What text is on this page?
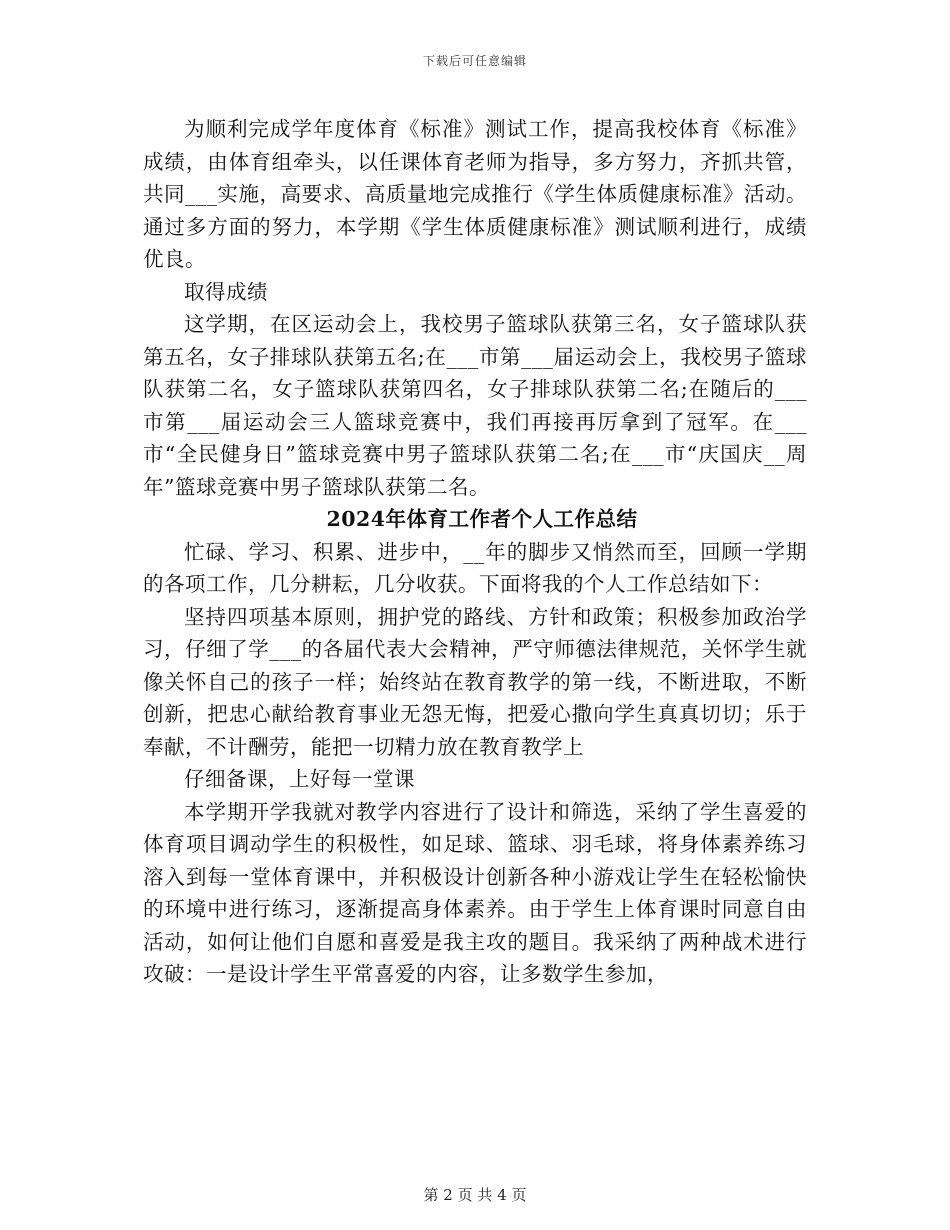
下载后可任意编辑

为顺利完成学年度体育《标准》测试工作，提高我校体育《标准》成绩，由体育组牵头，以任课体育老师为指导，多方努力，齐抓共管，共同___实施，高要求、高质量地完成推行《学生体质健康标准》活动。通过多方面的努力，本学期《学生体质健康标准》测试顺利进行，成绩优良。

取得成绩

这学期，在区运动会上，我校男子篮球队获第三名，女子篮球队获第五名，女子排球队获第五名;在___市第___届运动会上，我校男子篮球队获第二名，女子篮球队获第四名，女子排球队获第二名;在随后的___市第___届运动会三人篮球竞赛中，我们再接再厉拿到了冠军。在___市“全民健身日”篮球竞赛中男子篮球队获第二名;在___市“庆国庆__周年”篮球竞赛中男子篮球队获第二名。

2024年体育工作者个人工作总结

忙碌、学习、积累、进步中，__年的脚步又悄然而至，回顾一学期的各项工作，几分耕耘，几分收获。下面将我的个人工作总结如下：

坚持四项基本原则，拥护党的路线、方针和政策；积极参加政治学习，仔细了学___的各届代表大会精神，严守师德法律规范，关怀学生就像关怀自己的孩子一样；始终站在教育教学的第一线，不断进取，不断创新，把忠心献给教育事业无怨无悔，把爱心撒向学生真真切切；乐于奉献，不计酬劳，能把一切精力放在教育教学上

仔细备课，上好每一堂课

本学期开学我就对教学内容进行了设计和筛选，采纳了学生喜爱的体育项目调动学生的积极性，如足球、篮球、羽毛球，将身体素养练习溶入到每一堂体育课中，并积极设计创新各种小游戏让学生在轻松愉快的环境中进行练习，逐渐提高身体素养。由于学生上体育课时同意自由活动，如何让他们自愿和喜爱是我主攻的题目。我采纳了两种战术进行攻破：一是设计学生平常喜爱的内容，让多数学生参加，

第 2 页 共 4 页
